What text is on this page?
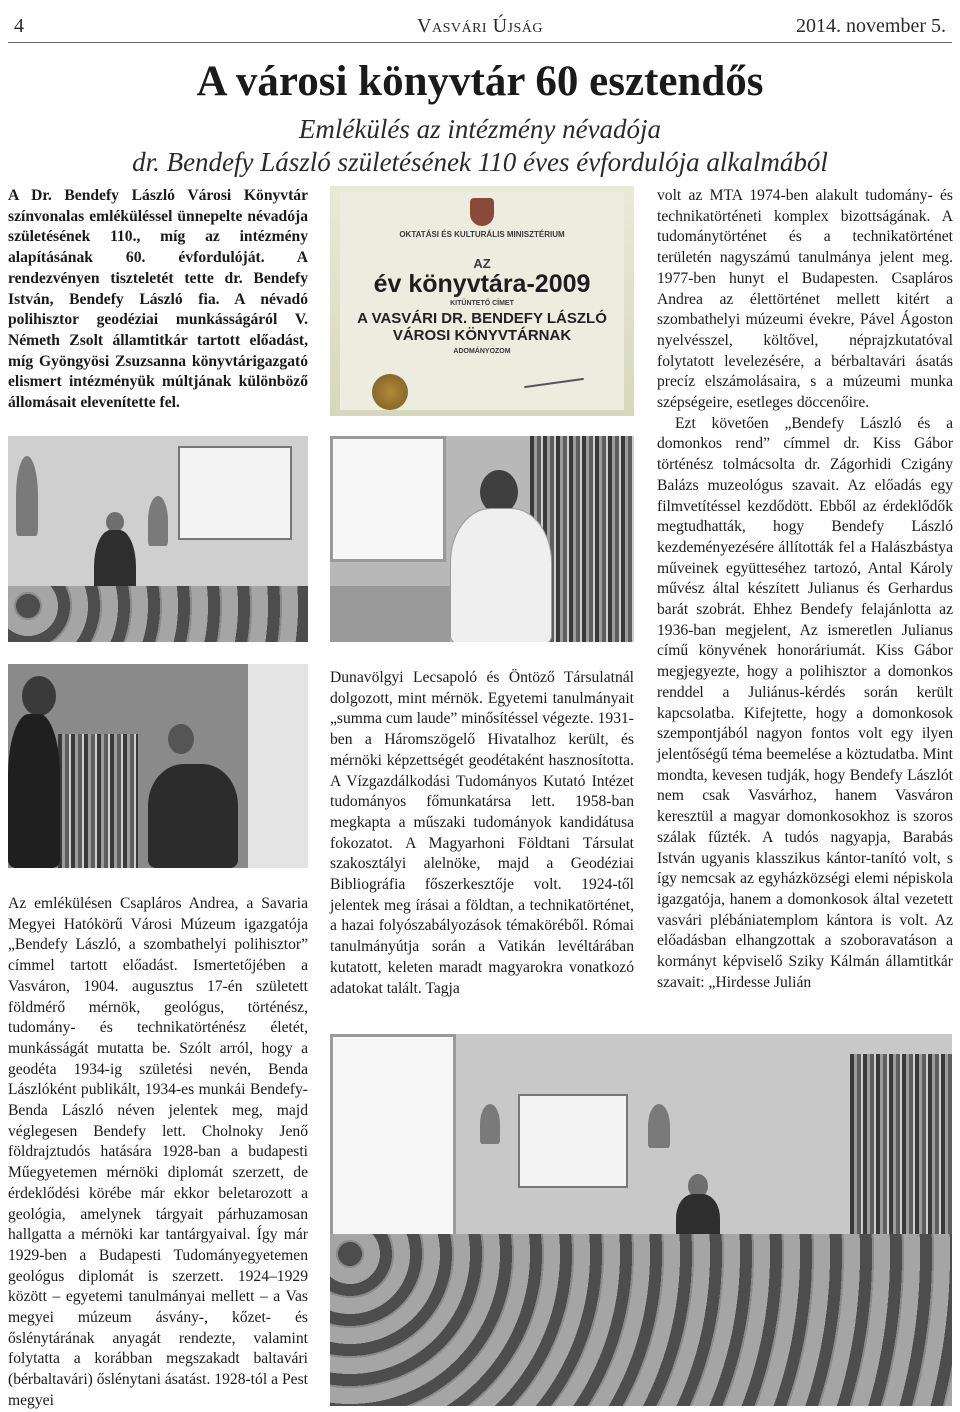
4	Vasvári Újság	2014. november 5.
A városi könyvtár 60 esztendős
Emlékülés az intézmény névadója
dr. Bendefy László születésének 110 éves évfordulója alkalmából
A Dr. Bendefy László Városi Könyvtár színvonalas emléküléssel ünnepelte névadója születésének 110., míg az intézmény alapításának 60. évfordulóját. A rendezvényen tiszteletét tette dr. Bendefy István, Bendefy László fia. A névadó polihisztor geodéziai munkásságáról V. Németh Zsolt államtitkár tartott előadást, míg Gyöngyösi Zsuzsanna könyvtárigazgató elismert intézményük múltjának különböző állomásait elevenítette fel.
Az emlékülésen Csapláros Andrea, a Savaria Megyei Hatókörű Városi Múzeum igazgatója „Bendefy László, a szombathelyi polihisztor” címmel tartott előadást. Ismertetőjében a Vasváron, 1904. augusztus 17-én született földmérő mérnök, geológus, történész, tudomány- és technikatörténész életét, munkásságát mutatta be. Szólt arról, hogy a geodéta 1934-ig születési nevén, Benda Lászlóként publikált, 1934-es munkái Bendefy-Benda László néven jelentek meg, majd véglegesen Bendefy lett. Cholnoky Jenő földrajztudós hatására 1928-ban a budapesti Műegyetemen mérnöki diplomát szerzett, de érdeklődési körébe már ekkor beletarozott a geológia, amelynek tárgyait párhuzamosan hallgatta a mérnöki kar tantárgyaival. Így már 1929-ben a Budapesti Tudományegyetemen geológus diplomát is szerzett. 1924–1929 között – egyetemi tanulmányai mellett – a Vas megyei múzeum ásvány-, kőzet- és őslénytárának anyagát rendezte, valamint folytatta a korábban megszakadt baltavári (bérbaltavári) őslénytani ásatást. 1928-tól a Pest megyei
OKTATÁSI ÉS KULTURÁLIS MINISZTÉRIUM
AZ
év könyvtára-2009
KITÜNTETŐ CÍMET
A VASVÁRI DR. BENDEFY LÁSZLÓ VÁROSI KÖNYVTÁRNAK
ADOMÁNYOZOM
Dunavölgyi Lecsapoló és Öntöző Társulatnál dolgozott, mint mérnök. Egyetemi tanulmányait „summa cum laude” minősítéssel végezte. 1931-ben a Háromszögelő Hivatalhoz került, és mérnöki képzettségét geodétaként hasznosította. A Vízgazdálkodási Tudományos Kutató Intézet tudományos főmunkatársa lett. 1958-ban megkapta a műszaki tudományok kandidátusa fokozatot. A Magyarhoni Földtani Társulat szakosztályi alelnöke, majd a Geodéziai Bibliográfia főszerkesztője volt. 1924-től jelentek meg írásai a földtan, a technikatörténet, a hazai folyószabályozások témaköréből. Római tanulmányútja során a Vatikán levéltárában kutatott, keleten maradt magyarokra vonatkozó adatokat talált. Tagja

volt az MTA 1974-ben alakult tudomány- és technikatörténeti komplex bizottságának. A tudománytörténet és a technikatörténet területén nagyszámú tanulmánya jelent meg. 1977-ben hunyt el Budapesten. Csapláros Andrea az élettörténet mellett kitért a szombathelyi múzeumi évekre, Pável Ágoston nyelvésszel, költővel, néprajzkutatóval folytatott levelezésére, a bérbaltavári ásatás precíz elszámolásaira, s a múzeumi munka szépségeire, esetleges döccenőire.

Ezt követően „Bendefy László és a domonkos rend” címmel dr. Kiss Gábor történész tolmácsolta dr. Zágorhidi Czigány Balázs muzeológus szavait. Az előadás egy filmvetítéssel kezdődött. Ebből az érdeklődők megtudhatták, hogy Bendefy László kezdeményezésére állították fel a Halászbástya műveinek együtteséhez tartozó, Antal Károly művész által készített Julianus és Gerhardus barát szobrát. Ehhez Bendefy felajánlotta az 1936-ban megjelent, Az ismeretlen Julianus című könyvének honoráriumát. Kiss Gábor megjegyezte, hogy a polihisztor a domonkos renddel a Juliánus-kérdés során került kapcsolatba. Kifejtette, hogy a domonkosok szempontjából nagyon fontos volt egy ilyen jelentőségű téma beemelése a köztudatba. Mint mondta, kevesen tudják, hogy Bendefy Lászlót nem csak Vasvárhoz, hanem Vasváron keresztül a magyar domonkosokhoz is szoros szálak fűzték. A tudós nagyapja, Barabás István ugyanis klasszikus kántor-tanító volt, s így nemcsak az egyházközségi elemi népiskola igazgatója, hanem a domonkosok által vezetett vasvári plébániatemplom kántora is volt. Az előadásban elhangzottak a szoboravatáson a kormányt képviselő Sziky Kálmán államtitkár szavait: „Hirdesse Julián
